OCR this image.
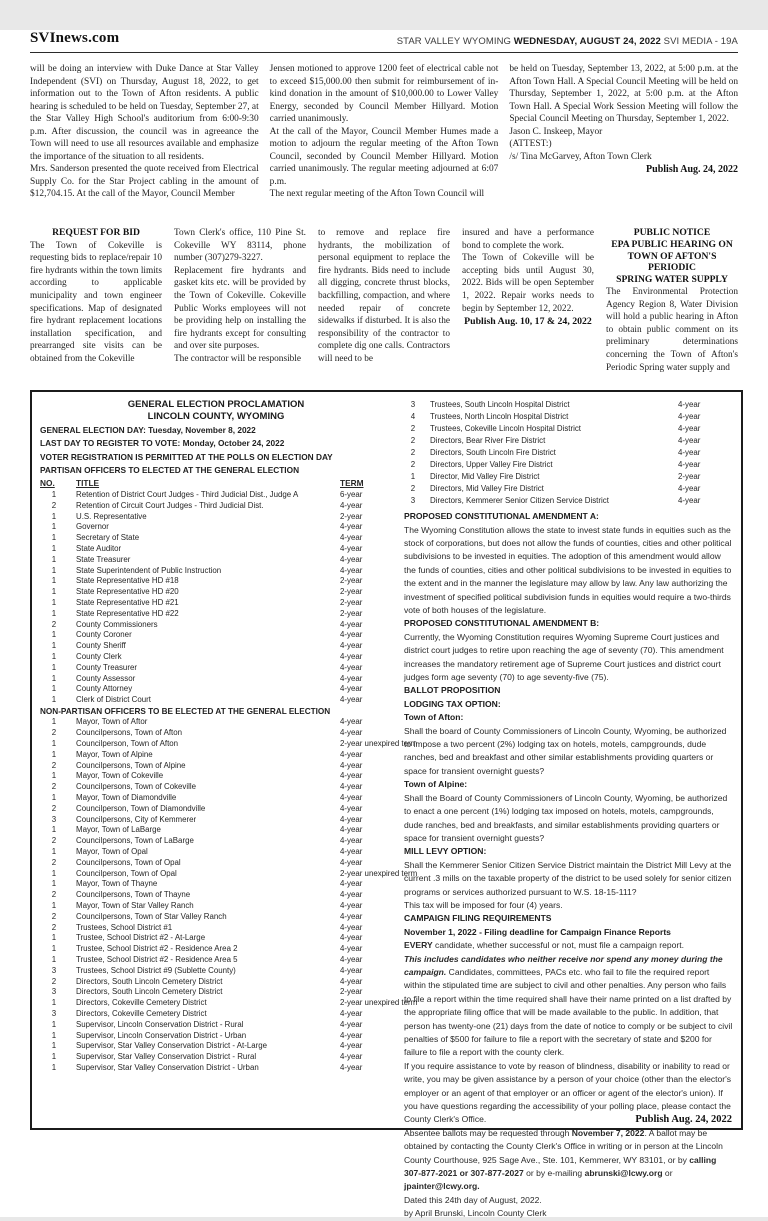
SVInews.com	STAR VALLEY WYOMING WEDNESDAY, AUGUST 24, 2022 SVI MEDIA - 19A

will be doing an interview with Duke Dance at Star Valley Independent (SVI) on Thursday, August 18, 2022, to get information out to the Town of Afton residents. A public hearing is scheduled to be held on Tuesday, September 27, at the Star Valley High School's auditorium from 6:00-9:30 p.m. After discussion, the council was in agreeance the Town will need to use all resources available and emphasize the importance of the situation to all residents.

Mrs. Sanderson presented the quote received from Electrical Supply Co. for the Star Project cabling in the amount of $12,704.15. At the call of the Mayor, Council Member

Jensen motioned to approve 1200 feet of electrical cable not to exceed $15,000.00 then submit for reimbursement of in-kind donation in the amount of $10,000.00 to Lower Valley Energy, seconded by Council Member Hillyard. Motion carried unanimously.

At the call of the Mayor, Council Member Humes made a motion to adjourn the regular meeting of the Afton Town Council, seconded by Council Member Hillyard. Motion carried unanimously. The regular meeting adjourned at 6:07 p.m.

The next regular meeting of the Afton Town Council will

be held on Tuesday, September 13, 2022, at 5:00 p.m. at the Afton Town Hall. A Special Council Meeting will be held on Thursday, September 1, 2022, at 5:00 p.m. at the Afton Town Hall. A Special Work Session Meeting will follow the Special Council Meeting on Thursday, September 1, 2022.

Jason C. Inskeep, Mayor
(ATTEST:)
/s/ Tina McGarvey, Afton Town Clerk
Publish Aug. 24, 2022
REQUEST FOR BID

The Town of Cokeville is requesting bids to replace/repair 10 fire hydrants within the town limits according to applicable municipality and town engineer specifications. Map of designated fire hydrant replacement locations installation specification, and prearranged site visits can be obtained from the Cokeville

Town Clerk's office, 110 Pine St. Cokeville WY 83114, phone number (307)279-3227.

Replacement fire hydrants and gasket kits etc. will be provided by the Town of Cokeville. Cokeville Public Works employees will not be providing help on installing the fire hydrants except for consulting and over site purposes.

The contractor will be responsible

to remove and replace fire hydrants, the mobilization of personal equipment to replace the fire hydrants. Bids need to include all digging, concrete thrust blocks, backfilling, compaction, and where needed repair of concrete sidewalks if disturbed. It is also the responsibility of the contractor to complete dig one calls. Contractors will need to be

insured and have a performance bond to complete the work.

The Town of Cokeville will be accepting bids until August 30, 2022. Bids will be open September 1, 2022. Repair works needs to begin by September 12, 2022.

Publish Aug. 10, 17 & 24, 2022
PUBLIC NOTICE
EPA PUBLIC HEARING ON
TOWN OF AFTON'S PERIODIC
SPRING WATER SUPPLY

The Environmental Protection Agency Region 8, Water Division will hold a public hearing in Afton to obtain public comment on its preliminary determinations concerning the Town of Afton's Periodic Spring water supply and

GENERAL ELECTION PROCLAMATION
LINCOLN COUNTY, WYOMING
GENERAL ELECTION DAY: Tuesday, November 8, 2022
LAST DAY TO REGISTER TO VOTE: Monday, October 24, 2022
VOTER REGISTRATION IS PERMITTED AT THE POLLS ON ELECTION DAY
PARTISAN OFFICERS TO ELECTED AT THE GENERAL ELECTION
NO.	TITLE	TERM
1	Retention of District Court Judges - Third Judicial Dist., Judge A	6-year
2	Retention of Circuit Court Judges - Third Judicial Dist.	4-year
1	U.S. Representative	2-year
1	Governor	4-year
1	Secretary of State	4-year
1	State Auditor	4-year
1	State Treasurer	4-year
1	State Superintendent of Public Instruction	4-year
1	State Representative HD #18	2-year
1	State Representative HD #20	2-year
1	State Representative HD #21	2-year
1	State Representative HD #22	2-year
2	County Commissioners	4-year
1	County Coroner	4-year
1	County Sheriff	4-year
1	County Clerk	4-year
1	County Treasurer	4-year
1	County Assessor	4-year
1	County Attorney	4-year
1	Clerk of District Court	4-year
NON-PARTISAN OFFICERS TO BE ELECTED AT THE GENERAL ELECTION
1	Mayor, Town of Aftor	4-year
2	Councilpersons, Town of Afton	4-year
1	Councilperson, Town of Afton	2-year unexpired term
1	Mayor, Town of Alpine	4-year
2	Councilpersons, Town of Alpine	4-year
1	Mayor, Town of Cokeville	4-year
2	Councilpersons, Town of Cokeville	4-year
1	Mayor, Town of Diamondville	4-year
2	Councilperson, Town of Diamondville	4-year
3	Councilpersons, City of Kemmerer	4-year
1	Mayor, Town of LaBarge	4-year
2	Councilpersons, Town of LaBarge	4-year
1	Mayor, Town of Opal	4-year
2	Councilpersons, Town of Opal	4-year
1	Councilperson, Town of Opal	2-year unexpired term
1	Mayor, Town of Thayne	4-year
2	Councilpersons, Town of Thayne	4-year
1	Mayor, Town of Star Valley Ranch	4-year
2	Councilpersons, Town of Star Valley Ranch	4-year
2	Trustees, School District #1	4-year
1	Trustee, School District #2 - At-Large	4-year
1	Trustee, School District #2 - Residence Area 2	4-year
1	Trustee, School District #2 - Residence Area 5	4-year
3	Trustees, School District #9 (Sublette County)	4-year
2	Directors, South Lincoln Cemetery District	4-year
3	Directors, South Lincoln Cemetery District	2-year
1	Directors, Cokeville Cemetery District	2-year unexpired term
3	Directors, Cokeville Cemetery District	4-year
1	Supervisor, Lincoln Conservation District - Rural	4-year
1	Supervisor, Lincoln Conservation District - Urban	4-year
1	Supervisor, Star Valley Conservation District - At-Large	4-year
1	Supervisor, Star Valley Conservation District - Rural	4-year
1	Supervisor, Star Valley Conservation District - Urban	4-year
3	Trustees, South Lincoln Hospital District	4-year
4	Trustees, North Lincoln Hospital District	4-year
2	Trustees, Cokeville Lincoln Hospital District	4-year
2	Directors, Bear River Fire District	4-year
2	Directors, South Lincoln Fire District	4-year
2	Directors, Upper Valley Fire District	4-year
1	Director, Mid Valley Fire District	2-year
2	Directors, Mid Valley Fire District	4-year
3	Directors, Kemmerer Senior Citizen Service District	4-year
PROPOSED CONSTITUTIONAL AMENDMENT A:
The Wyoming Constitution allows the state to invest state funds in equities such as the stock of corporations, but does not allow the funds of counties, cities and other political subdivisions to be invested in equities. The adoption of this amendment would allow the funds of counties, cities and other political subdivisions to be invested in equities to the extent and in the manner the legislature may allow by law. Any law authorizing the investment of specified political subdivision funds in equities would require a two-thirds vote of both houses of the legislature.
PROPOSED CONSTITUTIONAL AMENDMENT B:
Currently, the Wyoming Constitution requires Wyoming Supreme Court justices and district court judges to retire upon reaching the age of seventy (70). This amendment increases the mandatory retirement age of Supreme Court justices and district court judges form age seventy (70) to age seventy-five (75).
BALLOT PROPOSITION
LODGING TAX OPTION:
Town of Afton:
Shall the board of County Commissioners of Lincoln County, Wyoming, be authorized to impose a two percent (2%) lodging tax on hotels, motels, campgrounds, dude ranches, bed and breakfast and other similar establishments providing quarters or space for transient overnight guests?
Town of Alpine:
Shall the Board of County Commissioners of Lincoln County, Wyoming, be authorized to enact a one percent (1%) lodging tax imposed on hotels, motels, campgrounds, dude ranches, bed and breakfasts, and similar establishments providing quarters or space for transient overnight guests?
MILL LEVY OPTION:
Shall the Kemmerer Senior Citizen Service District maintain the District Mill Levy at the current .3 mills on the taxable property of the district to be used solely for senior citizen programs or services authorized pursuant to W.S. 18-15-111?
This tax will be imposed for four (4) years.
CAMPAIGN FILING REQUIREMENTS
November 1, 2022 - Filing deadline for Campaign Finance Reports
EVERY candidate, whether successful or not, must file a campaign report.
This includes candidates who neither receive nor spend any money during the campaign. Candidates, committees, PACs etc. who fail to file the required report within the stipulated time are subject to civil and other penalties. Any person who fails to file a report within the time required shall have their name printed on a list drafted by the appropriate filing office that will be made available to the public. In addition, that person has twenty-one (21) days from the date of notice to comply or be subject to civil penalties of $500 for failure to file a report with the secretary of state and $200 for failure to file a report with the county clerk.
If you require assistance to vote by reason of blindness, disability or inability to read or write, you may be given assistance by a person of your choice (other than the elector's employer or an agent of that employer or an officer or agent of the elector's union). If you have questions regarding the accessibility of your polling place, please contact the County Clerk's Office.
Absentee ballots may be requested through November 7, 2022. A ballot may be obtained by contacting the County Clerk's Office in writing or in person at the Lincoln County Courthouse, 925 Sage Ave., Ste. 101, Kemmerer, WY 83101, or by calling 307-877-2021 or 307-877-2027 or by e-mailing abrunski@lcwy.org or jpainter@lcwy.org.
Dated this 24th day of August, 2022.
by April Brunski, Lincoln County Clerk
Publish Aug. 24, 2022
